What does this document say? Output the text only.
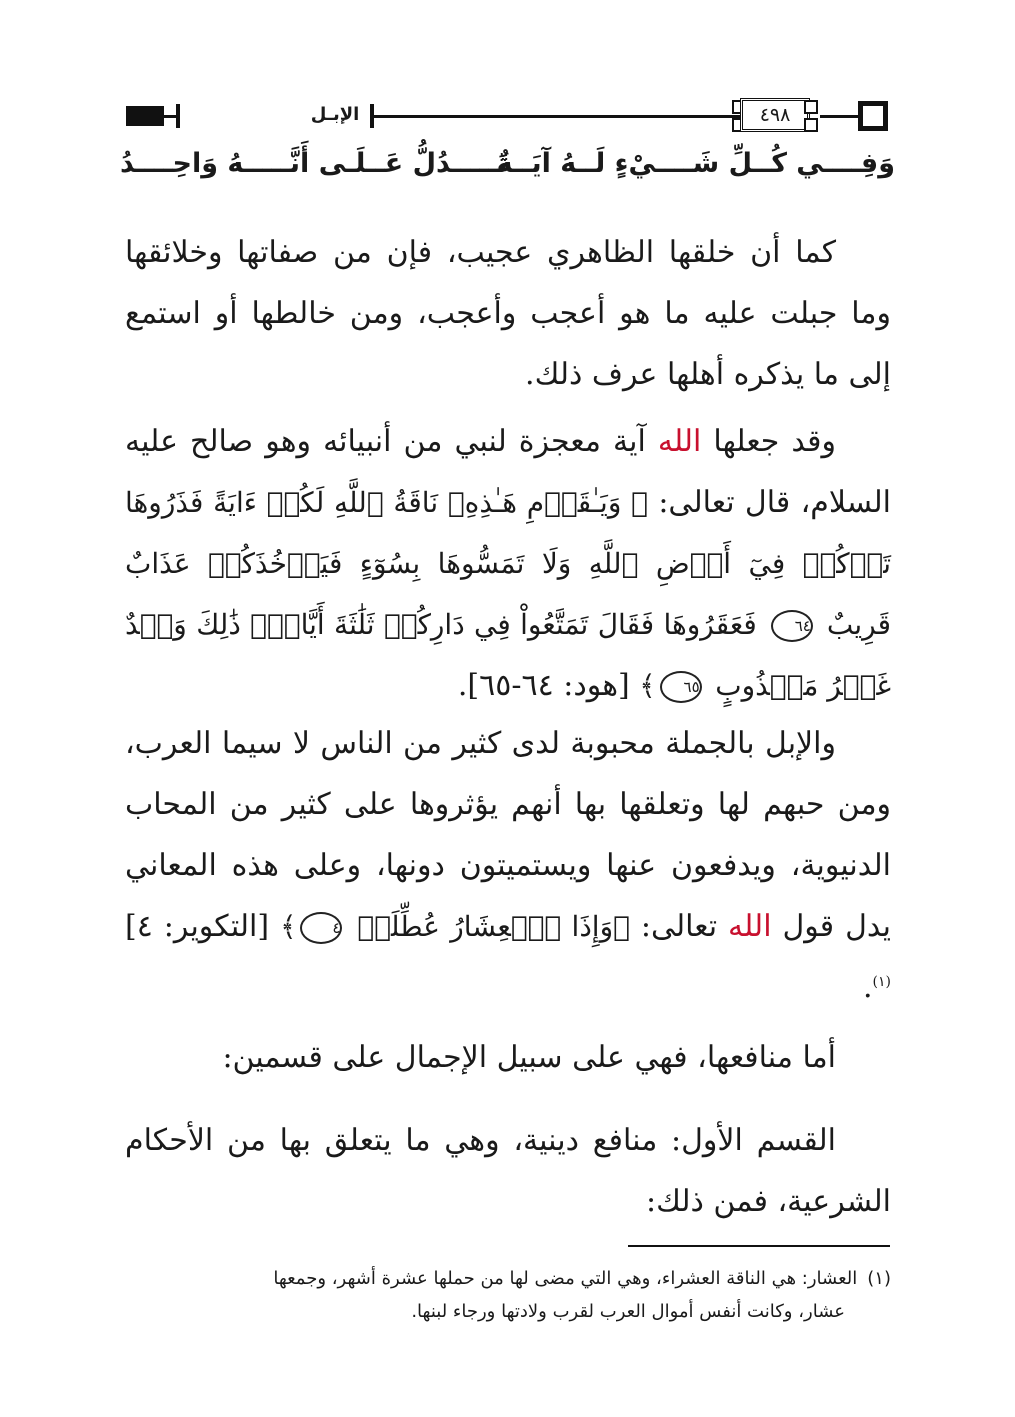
الإبـل	٤٩٨
وَفِــــي كُــلِّ شَــــيْءٍ لَــهُ آيَــةٌ
تَـــــدُلُّ عَــلَـى أَنَّـــــهُ وَاحِــــدُ
كما أن خلقها الظاهري عجيب، فإن من صفاتها وخلائقها وما جبلت عليه ما هو أعجب وأعجب، ومن خالطها أو استمع إلى ما يذكره أهلها عرف ذلك.
وقد جعلها الله آية معجزة لنبي من أنبيائه وهو صالح عليه السلام، قال تعالى: ﴿ وَيَـٰقَوۡمِ هَـٰذِهِۦ نَاقَةُ ٱللَّهِ لَكُمۡ ءَايَةً فَذَرُوهَا تَأۡكُلۡ فِيٓ أَرۡضِ ٱللَّهِ وَلَا تَمَسُّوهَا بِسُوٓءٍ فَيَأۡخُذَكُمۡ عَذَابٌ قَرِيبٌ ٦٤ فَعَقَرُوهَا فَقَالَ تَمَتَّعُواْ فِي دَارِكُمۡ ثَلَٰثَةَ أَيَّامٍۖ ذَٰلِكَ وَعۡدٌ غَيۡرُ مَكۡذُوبٍ ٦٥﴾ [هود: ٦٤-٦٥].
والإبل بالجملة محبوبة لدى كثير من الناس لا سيما العرب، ومن حبهم لها وتعلقها بها أنهم يؤثروها على كثير من المحاب الدنيوية، ويدفعون عنها ويستميتون دونها، وعلى هذه المعاني يدل قول الله تعالى: ﴿وَإِذَا ٱلۡعِشَارُ عُطِّلَتۡ ٤﴾ [التكوير: ٤]$^{(١)}$.
أما منافعها، فهي على سبيل الإجمال على قسمين:
القسم الأول: منافع دينية، وهي ما يتعلق بها من الأحكام الشرعية، فمن ذلك:
(١)العشار: هي الناقة العشراء، وهي التي مضى لها من حملها عشرة أشهر، وجمعها
عشار، وكانت أنفس أموال العرب لقرب ولادتها ورجاء لبنها.
